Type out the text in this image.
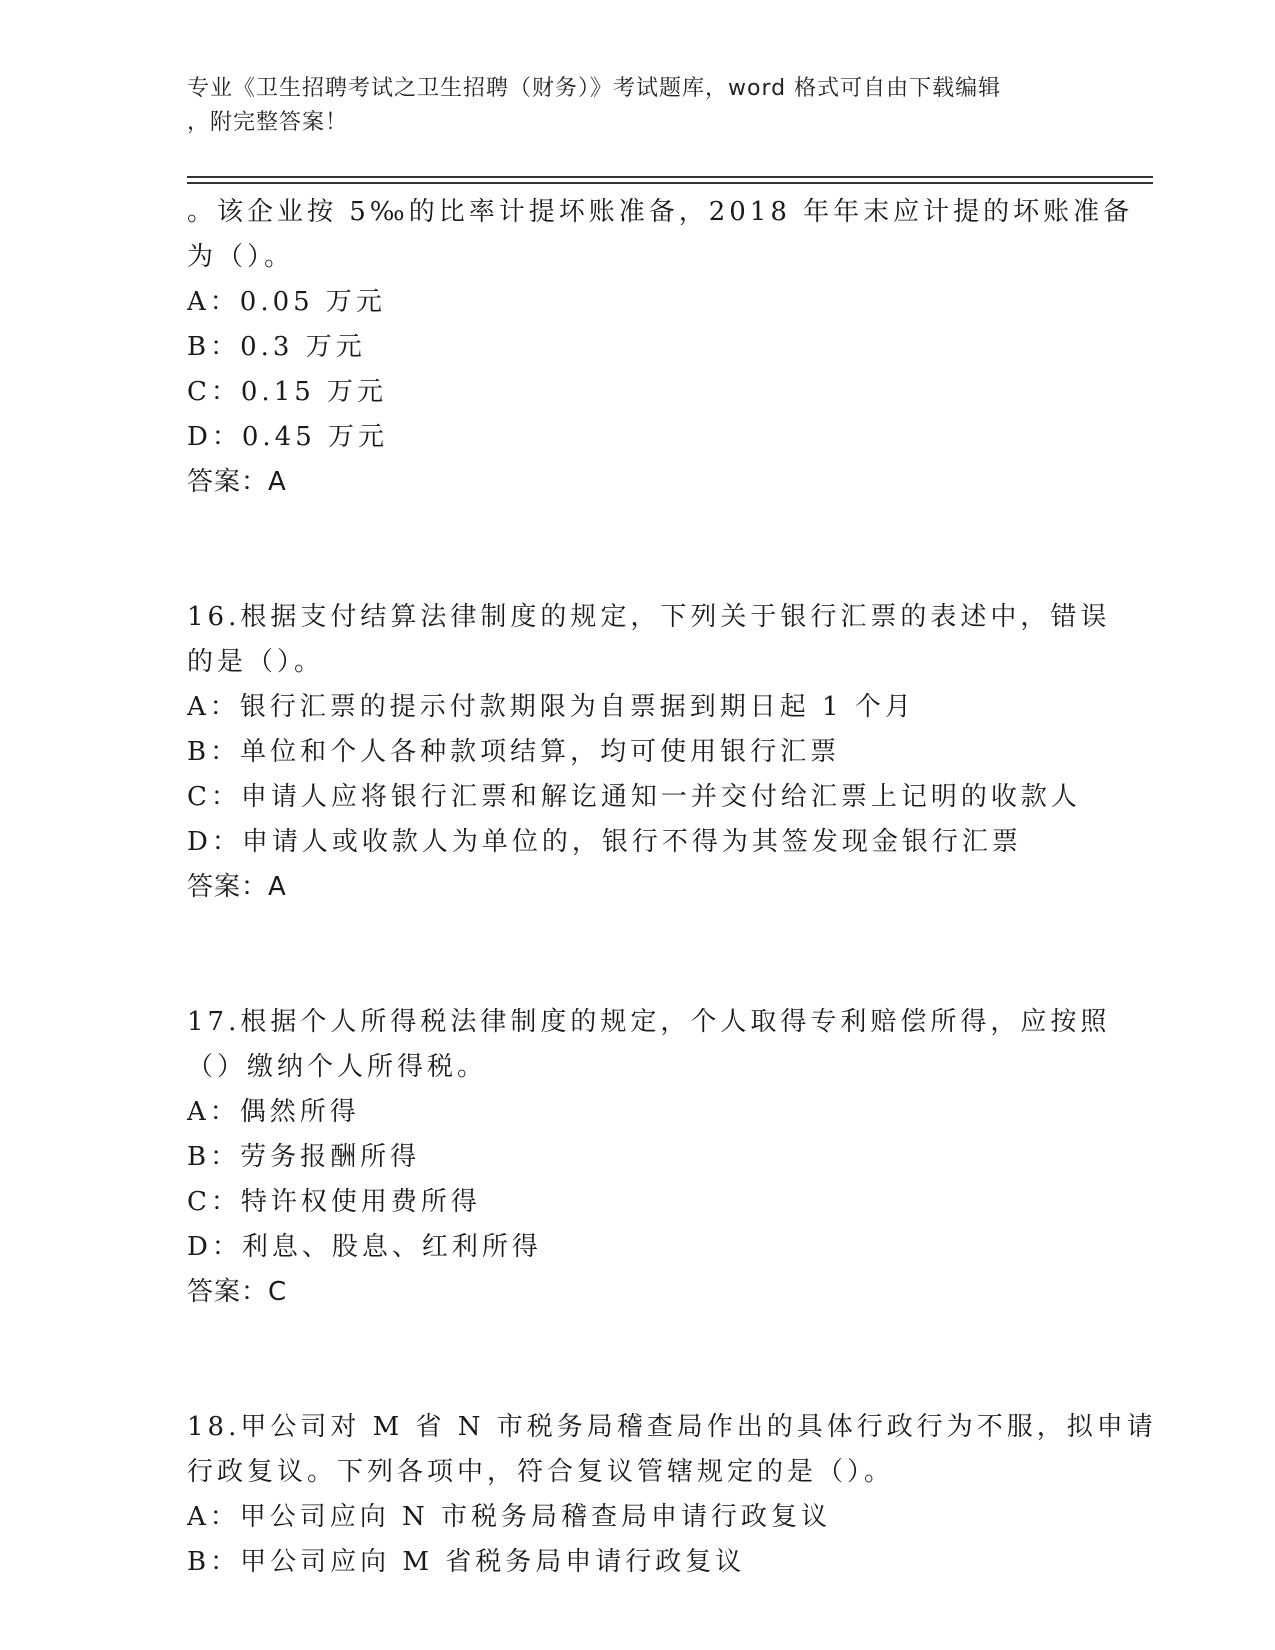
专业《卫生招聘考试之卫生招聘（财务）》考试题库，word 格式可自由下载编辑
，附完整答案！
。该企业按 5‰的比率计提坏账准备，2018 年年末应计提的坏账准备
为（）。
A：0.05 万元
B：0.3 万元
C：0.15 万元
D：0.45 万元
答案：A
16.根据支付结算法律制度的规定，下列关于银行汇票的表述中，错误
的是（）。
A：银行汇票的提示付款期限为自票据到期日起 1 个月
B：单位和个人各种款项结算，均可使用银行汇票
C：申请人应将银行汇票和解讫通知一并交付给汇票上记明的收款人
D：申请人或收款人为单位的，银行不得为其签发现金银行汇票
答案：A
17.根据个人所得税法律制度的规定，个人取得专利赔偿所得，应按照
（）缴纳个人所得税。
A：偶然所得
B：劳务报酬所得
C：特许权使用费所得
D：利息、股息、红利所得
答案：C
18.甲公司对 M 省 N 市税务局稽查局作出的具体行政行为不服，拟申请
行政复议。下列各项中，符合复议管辖规定的是（）。
A：甲公司应向 N 市税务局稽查局申请行政复议
B：甲公司应向 M 省税务局申请行政复议
